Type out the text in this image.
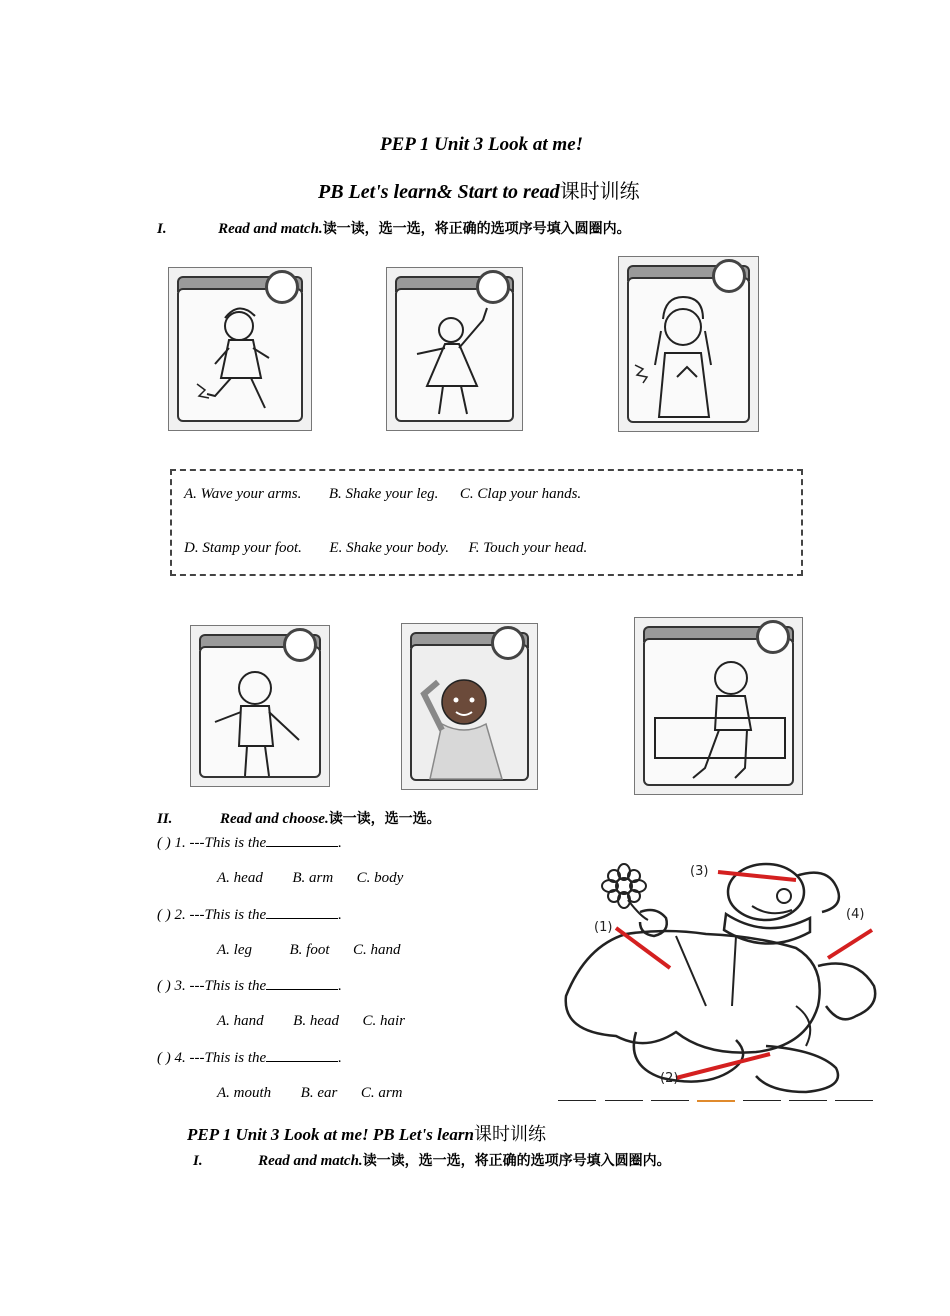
PEP 1 Unit 3 Look at me!
PB Let's learn& Start to read课时训练
I.	Read and match.读一读，选一选，将正确的选项序号填入圆圈内。
A. Wave your arms. B. Shake your leg. C. Clap your hands.
D. Stamp your foot. E. Shake your body. F. Touch your head.
II.	Read and choose.读一读，选一选。
( ) 1. ---This is the	.
A. head B. arm C. body
( ) 2. ---This is the	.
A. leg	B. foot C. hand
( ) 3. ---This is the	.
A. hand B. head C. hair
( ) 4. ---This is the	.
A. mouth B. ear C. arm
(1)
(2)
(3)
(4)
PEP 1 Unit 3 Look at me! PB Let's learn课时训练
I.	Read and match.读一读，选一选，将正确的选项序号填入圆圈内。
